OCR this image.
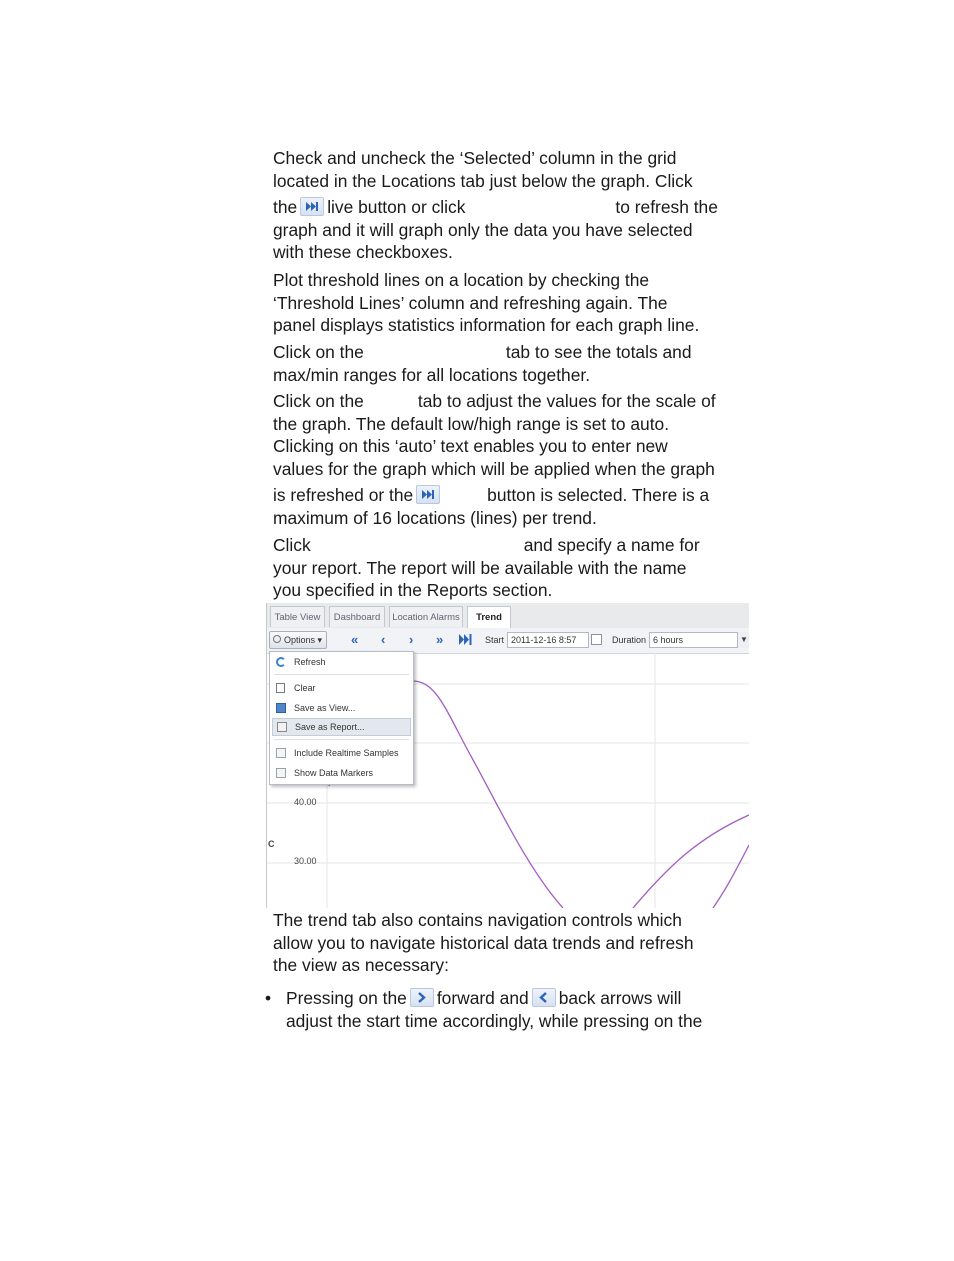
Check and uncheck the ‘Selected’ column in the grid
located in the Locations tab just below the graph. Click
the live button or click	to refresh the
graph and it will graph only the data you have selected
with these checkboxes.
Plot threshold lines on a location by checking the
‘Threshold Lines’ column and refreshing again. The
panel displays statistics information for each graph line.
Click on the	tab to see the totals and
max/min ranges for all locations together.
Click on the	tab to adjust the values for the scale of
the graph. The default low/high range is set to auto.
Clicking on this ‘auto’ text enables you to enter new
values for the graph which will be applied when the graph
is refreshed or the	button is selected. There is a
maximum of 16 locations (lines) per trend.
Click	and specify a name for
your report. The report will be available with the name
you specified in the Reports section.
Table View	Dashboard	Location Alarms	Trend
Options ▾	« ‹ › »	Start 2011-12-16 8:57	Duration 6 hours	▼
40.00
30.00
C
Refresh
Clear
Save as View...
Save as Report...
Include Realtime Samples
Show Data Markers
The trend tab also contains navigation controls which
allow you to navigate historical data trends and refresh
the view as necessary:
• Pressing on the forward and back arrows will
adjust the start time accordingly, while pressing on the
